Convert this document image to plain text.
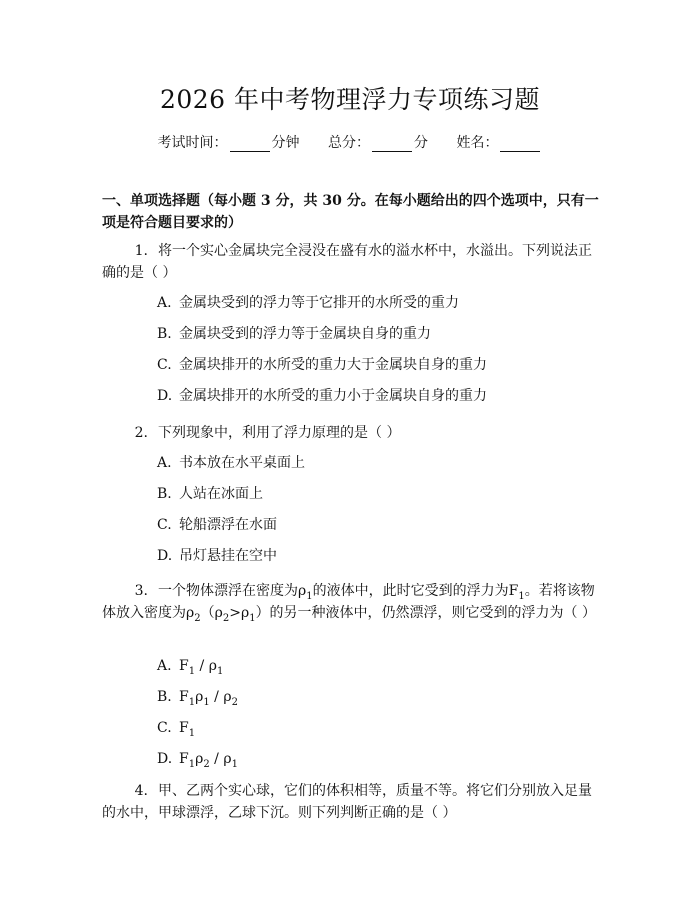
2026 年中考物理浮力专项练习题
考试时间：	分钟 总分：	分 姓名：
一、单项选择题（每小题 3 分，共 30 分。在每小题给出的四个选项中，只有一项是符合题目要求的）
1. 将一个实心金属块完全浸没在盛有水的溢水杯中，水溢出。下列说法正确的是（ ）
A. 金属块受到的浮力等于它排开的水所受的重力
B. 金属块受到的浮力等于金属块自身的重力
C. 金属块排开的水所受的重力大于金属块自身的重力
D. 金属块排开的水所受的重力小于金属块自身的重力
2. 下列现象中，利用了浮力原理的是（ ）
A. 书本放在水平桌面上
B. 人站在冰面上
C. 轮船漂浮在水面
D. 吊灯悬挂在空中
3. 一个物体漂浮在密度为$\rho_1$的液体中，此时它受到的浮力为$F_1$。若将该物体放入密度为$\rho_2(\rho_2>\rho_1)$的另一种液体中，仍然漂浮，则它受到的浮力为（ ）
A. $F_1 / \rho_1$
B. $F_1\rho_1 / \rho_2$
C. $F_1$
D. $F_1\rho_2 / \rho_1$
4. 甲、乙两个实心球，它们的体积相等，质量不等。将它们分别放入足量的水中，甲球漂浮，乙球下沉。则下列判断正确的是（ ）
